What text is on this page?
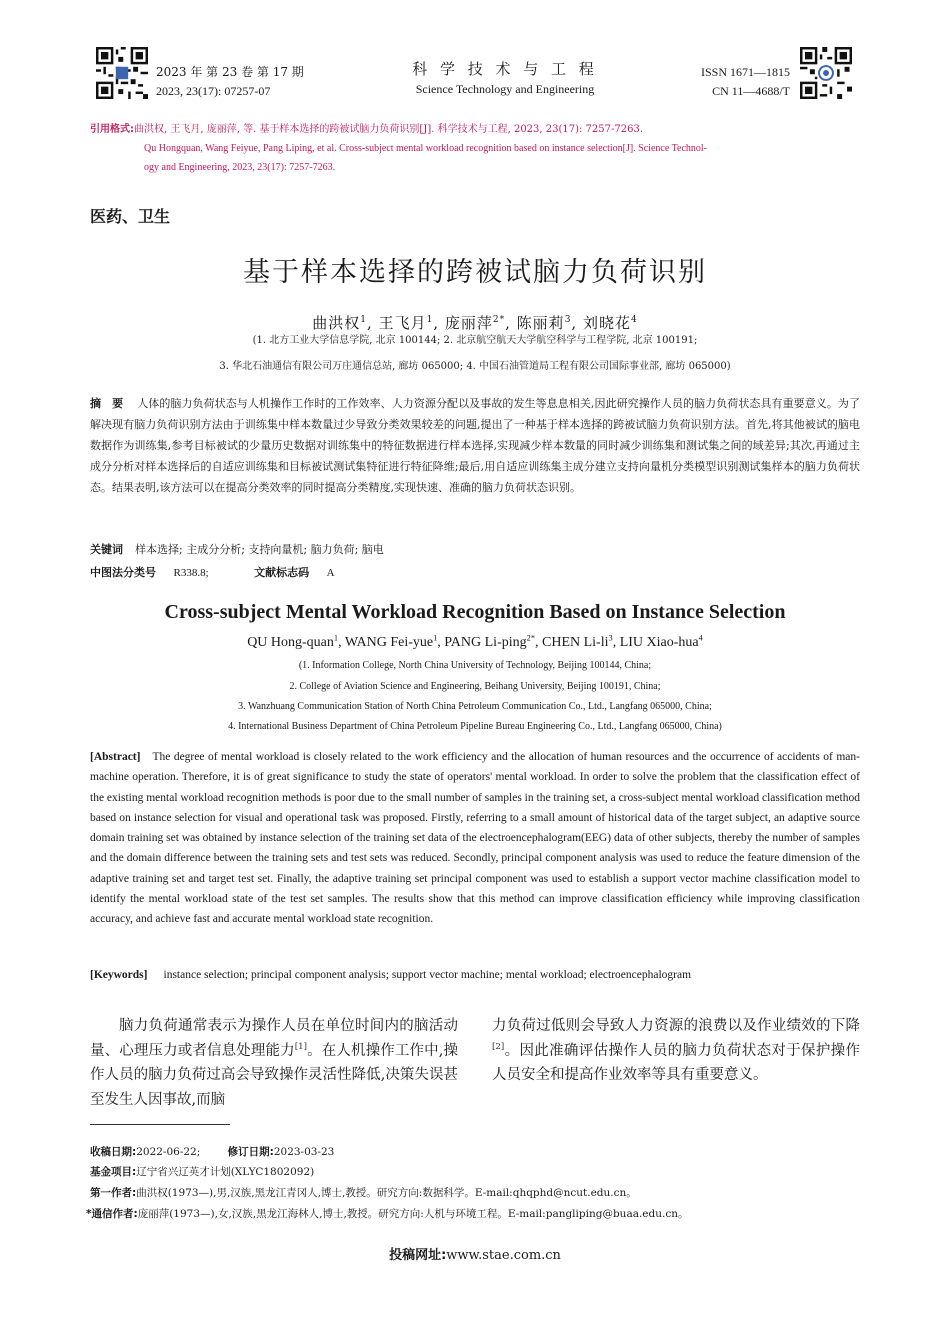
2023 年 第 23 卷 第 17 期
2023, 23(17): 07257-07
科 学 技 术 与 工 程
Science Technology and Engineering
ISSN 1671—1815
CN 11—4688/T
引用格式:曲洪权, 王飞月, 庞丽萍, 等. 基于样本选择的跨被试脑力负荷识别[J]. 科学技术与工程, 2023, 23(17): 7257-7263.
Qu Hongquan, Wang Feiyue, Pang Liping, et al. Cross-subject mental workload recognition based on instance selection[J]. Science Technol-
ogy and Engineering, 2023, 23(17): 7257-7263.
医药、卫生
基于样本选择的跨被试脑力负荷识别
曲洪权$^1$, 王飞月$^1$, 庞丽萍$^{2*}$, 陈丽莉$^3$, 刘晓花$^4$
(1. 北方工业大学信息学院, 北京 100144; 2. 北京航空航天大学航空科学与工程学院, 北京 100191;
3. 华北石油通信有限公司万庄通信总站, 廊坊 065000; 4. 中国石油管道局工程有限公司国际事业部, 廊坊 065000)
摘　要 人体的脑力负荷状态与人机操作工作时的工作效率、人力资源分配以及事故的发生等息息相关,因此研究操作人员的脑力负荷状态具有重要意义。为了解决现有脑力负荷识别方法由于训练集中样本数量过少导致分类效果较差的问题,提出了一种基于样本选择的跨被试脑力负荷识别方法。首先,将其他被试的脑电数据作为训练集,参考目标被试的少量历史数据对训练集中的特征数据进行样本选择,实现减少样本数量的同时减少训练集和测试集之间的域差异;其次,再通过主成分分析对样本选择后的自适应训练集和目标被试测试集特征进行特征降维;最后,用自适应训练集主成分建立支持向量机分类模型识别测试集样本的脑力负荷状态。结果表明,该方法可以在提高分类效率的同时提高分类精度,实现快速、准确的脑力负荷状态识别。
关键词 样本选择; 主成分分析; 支持向量机; 脑力负荷; 脑电
中图法分类号 R338.8;	文献标志码 A
Cross-subject Mental Workload Recognition Based on Instance Selection
QU Hong-quan$^1$, WANG Fei-yue$^1$, PANG Li-ping$^{2*}$, CHEN $Li-li^3$, LIU Xiao-hua$^4$
(1. Information College, North China University of Technology, Beijing 100144, China;
2. College of Aviation Science and Engineering, Beihang University, Beijing 100191, China;
3. Wanzhuang Communication Station of North China Petroleum Communication Co., Ltd., Langfang 065000, China;
4. International Business Department of China Petroleum Pipeline Bureau Engineering Co., Ltd., Langfang 065000, China)
[Abstract] The degree of mental workload is closely related to the work efficiency and the allocation of human resources and the occurrence of accidents of man-machine operation. Therefore, it is of great significance to study the state of operators' mental workload. In order to solve the problem that the classification effect of the existing mental workload recognition methods is poor due to the small number of samples in the training set, a cross-subject mental workload classification method based on instance selection for visual and operational task was proposed. Firstly, referring to a small amount of historical data of the target subject, an adaptive source domain training set was obtained by instance selection of the training set data of the electroencephalogram(EEG) data of other subjects, thereby the number of samples and the domain difference between the training sets and test sets was reduced. Secondly, principal component analysis was used to reduce the feature dimension of the adaptive training set and target test set. Finally, the adaptive training set principal component was used to establish a support vector machine classification model to identify the mental workload state of the test set samples. The results show that this method can improve classification efficiency while improving classification accuracy, and achieve fast and accurate mental workload state recognition.
[Keywords] instance selection; principal component analysis; support vector machine; mental workload; electroencephalogram
脑力负荷通常表示为操作人员在单位时间内的脑活动量、心理压力或者信息处理能力[1]。在人机操作工作中,操作人员的脑力负荷过高会导致操作灵活性降低,决策失误甚至发生人因事故,而脑
力负荷过低则会导致人力资源的浪费以及作业绩效的下降[2]。因此准确评估操作人员的脑力负荷状态对于保护操作人员安全和提高作业效率等具有重要意义。
收稿日期:2022-06-22;	修订日期:2023-03-23
基金项目:辽宁省兴辽英才计划(XLYC1802092)
第一作者:曲洪权(1973—),男,汉族,黑龙江青冈人,博士,教授。研究方向:数据科学。E-mail:qhqphd@ncut.edu.cn。
*通信作者:庞丽萍(1973—),女,汉族,黑龙江海林人,博士,教授。研究方向:人机与环境工程。E-mail:pangliping@buaa.edu.cn。
投稿网址:www.stae.com.cn
